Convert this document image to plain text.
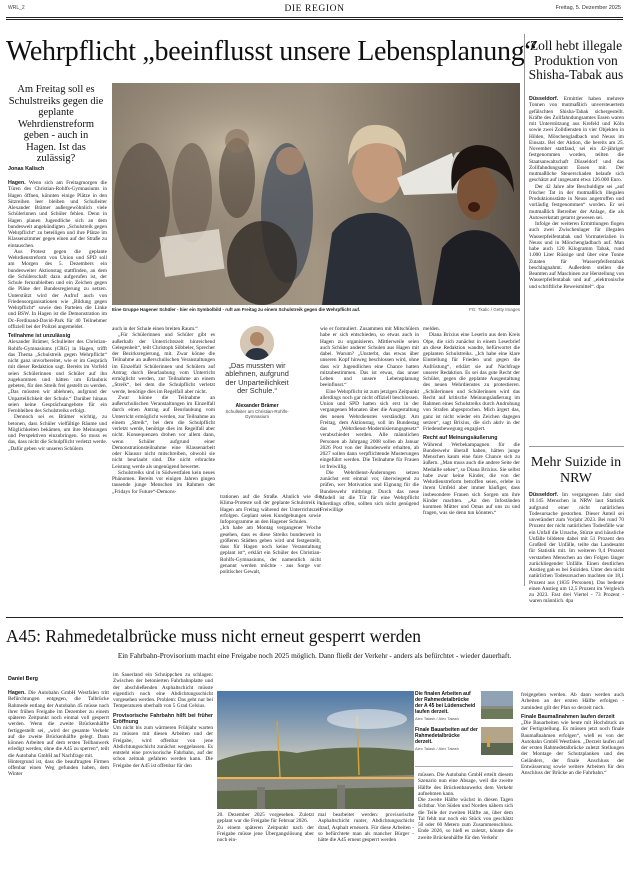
WRL_2	DIE REGION	Freitag, 5. Dezember 2025
Wehrpflicht „beeinflusst unsere Lebensplanung“
Am Freitag soll es Schulstreiks gegen die geplante Wehrdienstreform geben - auch in Hagen. Ist das zulässig?
Jonas Kalisch

Hagen. Wenn sich am Freitagmorgen die Türen des Christian-Rohlfs-Gymnasiums in Hagen öffnen, könnten einige Plätze in den Sitzreihen leer bleiben und Schulleiter Alexander Brämer außergewöhnlich viele Schülerinnen und Schüler fehlen. Denn in Hagen planen Jugendliche sich an dem bundesweit angekündigten „Schulstreik gegen Wehrpflicht“ zu beteiligen und ihre Plätze im Klassenzimmer gegen einen auf der Straße zu eintauschen.

Aus Protest gegen die geplante Wehrdienstreform von Union und SPD soll am Morgen des 5. Dezembers ein bundesweiter Aktionstag stattfinden, an dem die Schülerschaft dazu aufgerufen ist, der Schule fernzubleiben und ein Zeichen gegen die Pläne der Bundesregierung zu setzen. Unterstützt wird der Aufruf auch von Friedensorganisationen wie „Bildung gegen Wehrpflicht“ sowie den Parteien die Linke und BSW. In Hagen ist die Demonstration im Dr.-Ferdinand-David-Park für 40 Teilnehmer offiziell bei der Polizei angemeldet.

Teilnahme ist unzulässig

Alexander Brämer, Schulleiter des Christian-Rohlfs-Gymnasiums (CRG) in Hagen, trifft das Thema „Schulstreik gegen Wehrpflicht“ nicht ganz unvorbereitet, wie er im Gespräch mit dieser Redaktion sagt. Bereits im Vorfeld seien Schülerinnen und Schüler auf ihn zugekommen und hätten um Erlaubnis gebeten, für den Streik frei gestellt zu werden. „Das müssten wir ablehnen, aufgrund der Unparteilichkeit der Schule.“ Darüber hinaus seien keine Gesprächsangebote für ein Fernbleiben des Schulstreiks erfolgt.

Dennoch sei es Brämer wichtig, zu betonen, dass Schüler vielfältige Räume und Möglichkeiten bekämen, um ihre Meinungen und Perspektiven einzubringen. So muss es das, dass nicht die Schulpflicht verletzt werde. „Dafür geben wir unseren Schülern

Eine Gruppe Hagener Schüler - hier ein Symbolbild - ruft am Freitag zu einem Schulstreik gegen die Wehrpflicht auf.	FG: Tkalic / Getty Images

auch in der Schule einen breiten Raum.“

„Für Schülerinnen und Schüler gibt es außerhalb der Unterrichtszeit hinreichend Gelegenheit“, teilt Christoph Söbbeler, Sprecher der Bezirksregierung, mit. Zwar könne die Teilnahme an außerschulischen Veranstaltungen im Einzelfall Schülerinnen und Schülern auf Antrag durch Beurlaubung vom Unterricht ermöglicht werden, zur Teilnahme an einem „Streik“, bei dem die Schulpflicht verletzt werde, benötige dies im Regelfall aber nicht.

Zwar könne die Teilnahme an außerschulischen Veranstaltungen im Einzelfall durch einen Antrag auf Beurlaubung vom Unterricht ermöglicht werden, zur Teilnahme an einem „Streik“, bei dem die Schulpflicht verletzt werde, benötige dies im Regelfall aber nicht. Konsequenzen drohen vor allem dann, wenn Schüler aufgrund einer Demonstrationsteilnahme eine Klassenarbeit oder Klausur nicht mitschreiben, obwohl sie nicht beurlaubt sind. Die nicht erbrachte Leistung werde als ungenügend bewertet.

Schulstreiks sind in Südwestfalen kein neues Phänomen. Bereits vor einigen Jahren gingen tausende junge Menschen im Rahmen der „Fridays for Future“-Demons-

„Das mussten wir ablehnen, aufgrund der Unparteilichkeit der Schule.“
Alexander Brämer
Schulleiter am Christian-Rohlfs-Gymnasium

trationen auf die Straße. Ähnlich wie die Klima-Proteste soll der geplante Schulstreik in Hagen am Freitag während der Unterrichtszeit erfolgen. Geplant seien Kundgebungen sowie Infoprogramme an den Hagener Schulen.
„Ich habe am Montag vergangener Woche gesehen, dass es diese Streiks bundesweit in größeren Städten geben wird und festgestellt, dass für Hagen noch keine Veranstaltung geplant ist“, erklärt ein Schüler des Christian-Rohlfs-Gymnasiums, der namentlich nicht genannt werden möchte - aus Sorge vor politischer Gewalt,

wie er formuliert. Zusammen mit Mitschülern habe er sich entschieden, so etwas auch in Hagen zu organisieren. Mittlerweile seien auch Schüler anderer Schulen aus Hagen mit dabei. Warum? „Unsterbt, das etwas über unseren Kopf hinweg beschlossen wird, ohne dass wir Jugendlichen eine Chance hatten mitzubestimmen. Das ist etwas, das unser Leben und unsere Lebensplanung beeinflusst.“

Eine Wehrpflicht ist zum jetzigen Zeitpunkt allerdings noch gar nicht offiziell beschlossen. Union und SPD hatten sich erst in der vergangenen Monaten über die Ausgestaltung des neuen Wehrdienstes verständigt. Am Freitag, dem Aktionstag, soll im Bundestag das „Wehrdienst-Modernisierungsgesetz“ verabschiedet werden. Alle männlichen Personen ab Jahrgang 2008 sollen ab Januar 2026 Post von der Bundeswehr erhalten, ab 2027 sollen dann verpflichtende Musterungen eingeführt werden. Die Teilnahme für Frauen ist freiwillig.

Die Wehrdienst-Änderungen setzen zunächst erst einmal vor, überwiegend zu prüfen, wer Motivation und Eignung für die Bundeswehr mitbringt. Durch das neue Modell ist die Tür für eine Wehrpflicht allerdings offen, sollten sich nicht genügend Freiwillige

melden.

Diana Brixius eine Leserin aus dem Kreis Olpe, die sich zunächst in einem Leserbrief an diese Redaktion wandte, befürwortet die geplanten Schulstreiks. „Ich habe eine klare Einstellung für Frieden und gegen die Aufrüstung“, erklärt sie auf Nachfrage unserer Redaktion. Es sei das gute Recht der Schüler, gegen die geplante Ausgestaltung des neuen Wehrdienstes zu protestieren. „Schülerinnen und Schülerinnen wird das Recht auf kritische Meinungsäußerung im Rahmen eines Schulstreiks durch Androhung von Strafen abgesprochen. Mich ärgert das, ganz ist nicht wieder ein Zeichen dagegen setzen“, sagt Brixius, die sich aktiv in der Friedensbewegung engagiert.

Recht auf Meinungsäußerung

Während Werbekampagnen für die Bundeswehr überall haben, hätten junge Menschen kaum eine faire Chance sich zu äußern. „Man muss auch die andere Seite der Medaille sehen“, so Diana Brixius. Sie selbst habe zwar keine Kinder, die von der Wehrdienstreform betroffen seien, erlebe in ihrem Umfeld aber immer häufiger, dass insbesondere Frauen sich Sorgen um ihre Kinder machten. „An den Infoständen kommen Mütter und Omas auf uns zu und fragen, was sie denn tun könnten.“

Zoll hebt illegale Produktion von Shisha-Tabak aus

Düsseldorf. Ermittler haben mehrere Tonnen von mutmaßlich unversteuertem gefälschten Shisha-Tabak sichergestellt. Kräfte des Zollfahndungsamtes Essen waren mit Unterstützung aus Krefeld und Köln sowie zwei Zolldiensten in vier Objekten in Hilden, Mönchengladbach und Neuss im Einsatz. Bei der Aktion, die bereits am 25. November stattfand, sei ein 42-jähriger festgenommen worden, teilten die Staatsanwaltschaft Düsseldorf und das Zollfahndungsamt Essen mit. Der mutmaßliche Steuerschaden belaufe sich geschätzt auf insgesamt etwa 126.000 Euro.

Der 42 Jahre alte Beschuldigte sei „auf frischer Tat in der mutmaßlich illegalen Produktionsstätte in Neuss angetroffen und vorläufig festgenommen“ worden. Er sei mutmaßlich Betreiber der Anlage, die als Autowerkstatt getarnt gewesen sei.

Infolge der weiteren Ermittlungen flogen auch zwei Zwischenlager für illegalen Wasserpfeifentabak und Vormaterialien in Neuss und in Mönchengladbach auf. Man habe auch 120 Kilogramm Tabak, rund 1.000 Liter Rüssige und über eine Tonne Zutaten für Wasserpfeifentabak beschlagnahmt. Außerdem stellen die Beamten auf Maschinen zur Herstellung von Wasserpfeifentabak und auf „elektronische und schriftliche Beweismittel“. dpa

Mehr Suizide in NRW

Düsseldorf. Im vergangenen Jahr sind 10.145 Menschen in NRW laut Statistik aufgrund einer nicht natürlichen Todesursache gestorben. Dieser Anteil sei unverändert zum Vorjahr 2023. Bei rund 70 Prozent der nicht natürlichen Todesfälle war ein Unfall die Ursache, Stürze und häusliche Unfälle bildeten dabei mit 51 Prozent den Großteil der Unfälle, teilte das Landesamt für Statistik mit. Im weiteren 9,4 Prozent verstarben Menschen an den Folgen länger zurückliegender Unfälle. Einen deutlichen Anstieg gab es bei Suiziden. Unter den nicht natürlichen Todesursachen machten sie 18,1 Prozent aus (1835 Personen). Das bedeute einen Anstieg um 12,5 Prozent im Vergleich zu 2023. Fast drei Viertel - 73 Prozent - waren männlich. dpa

A45: Rahmedetalbrücke muss nicht erneut gesperrt werden
Ein Fahrbahn-Provisorium macht eine Freigabe noch 2025 möglich. Dann fließt der Verkehr - anders als befürchtet - wieder dauerhaft.
Daniel Berg

Hagen. Die Autobahn GmbH Westfalen tritt Befürchtungen entgegen, die Talbrücke Rahmede entlang der Autobahn 45 müsse nach ihrer frühen Freigabe im Dezember zu einem späteren Zeitpunkt noch einmal voll gesperrt werden. Wenn die zweite Brückenhälfte fertiggestellt sei, „wird der gesamte Verkehr auf die zweite Brückenhälfte gelegt. Dann können Arbeiten auf dem ersten Teilbauwerk erledigt werden, ohne die A45 zu sperren“, teilt die Autobahn GmbH auf Nachfrage mit.
Hintergrund ist, dass die beauftragten Firmen offenbar einen Weg gefunden haben, dem Winter

im Sauerland ein Schnippchen zu schlagen: Zwischen der betonierten Fahrbahnplatte und der abschließenden Asphaltschicht müsste eigentlich noch eine Abdichtungsschicht vorgesehen werden. Problem: Das geht nur bei Temperaturen oberhalb von 5 Grad Celsius.

Provisorische Fahrbahn hilft bei früher Eröffnung

Um nicht bis zum wärmeren Frühjahr warten zu müssen mit diesen Arbeiten und der Freigabe, wird offenbar von jene Abdichtungsschicht zunächst weggelassen. Es entsteht eine provisorische Fahrbahn, auf der schon zeitnah gefahren werden kann. Die Freigabe der A45 ist offenbar für den

20. Dezember 2025 vorgesehen. Zuletzt geplant war die Freigabe für Februar 2026.
Zu einem späteren Zeitpunkt nach der Freigabe müsse jene Übergangslösung aber noch ein-

mal bearbeitet werden: provisorische Asphaltschicht runter, Abdichtungsschicht drauf, Asphalt erneuern. Für diese Arbeiten - so befürchtete man als mancher Bürger - hätte die A45 erneut gesperrt werden

Die finalen Arbeiten auf der Rahmedetalbrücke der A 45 bei Lüdenscheid laufen derzeit.
Alex Talash / Alex Talash
Finale Bauarbeiten auf der Rahmedetalbrücke derzeit.
Alex Talash / Alex Talash

müssen. Die Autobahn GmbH erteilt diesem Szenario nun eine Absage, weil die zweite Hälfte des Brückenbauwerks dem Verkehr aufnehmen kann.
Die zweite Hälfte wächst in diesen Tagen sichtbar. Von Süden und Norden nähern sich die Teile der zweiten Hälfte an, über dem Tal fehlt nur noch ein Stück von geschätzt 50 oder 60 Metern zum Zusammenschluss. Ende 2026, so hieß es zuletzt, könnte die zweite Brückenhälfte für den Verkehr

freigegeben werden. Ab dann werden auch Arbeiten an der ersten Hälfte erfolgen - zumindest gilt der Plan so derzeit noch.

Finale Baumaßnahmen laufen derzeit

„Die Bauarbeiten wie heute mit Hochdruck an der Fertigstellung. Es müssen jetzt noch finale Baumaßnahmen erfolgen“, wieß es von der Autobahn GmbH Westfalen. „Derzeit laufen auf der ersten Rahmedetalbrücke zuletzt Stellungen der Montage der Schutzplanken und des Geländers, der finale Anschluss der Entwässerung sowie weitere Arbeiten für den Anschluss der Brücke an die Fahrbahn.“
